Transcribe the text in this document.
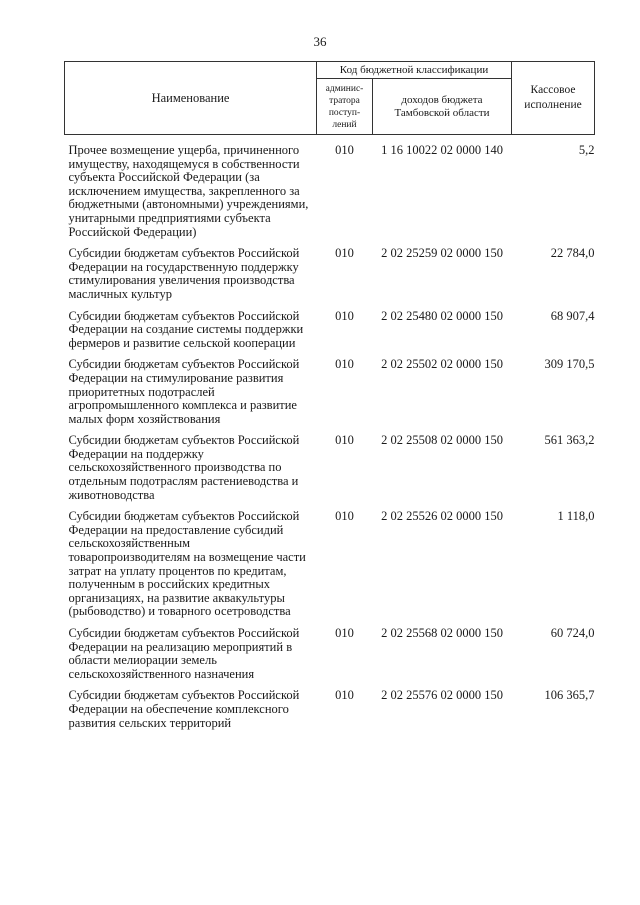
36
Наименование	Код бюджетной классификации		Кассовое исполнение
	админис-тратора поступ-лений	доходов бюджета Тамбовской области	
Прочее возмещение ущерба, причиненного имуществу, находящемуся в собственности субъекта Российской Федерации (за исключением имущества, закрепленного за бюджетными (автономными) учреждениями, унитарными предприятиями субъекта Российской Федерации)	010	1 16 10022 02 0000 140	5,2
Субсидии бюджетам субъектов Российской Федерации на государственную поддержку стимулирования увеличения производства масличных культур	010	2 02 25259 02 0000 150	22 784,0
Субсидии бюджетам субъектов Российской Федерации на создание системы поддержки фермеров и развитие сельской кооперации	010	2 02 25480 02 0000 150	68 907,4
Субсидии бюджетам субъектов Российской Федерации на стимулирование развития приоритетных подотраслей агропромышленного комплекса и развитие малых форм хозяйствования	010	2 02 25502 02 0000 150	309 170,5
Субсидии бюджетам субъектов Российской Федерации на поддержку сельскохозяйственного производства по отдельным подотраслям растениеводства и животноводства	010	2 02 25508 02 0000 150	561 363,2
Субсидии бюджетам субъектов Российской Федерации на предоставление субсидий сельскохозяйственным товаропроизводителям на возмещение части затрат на уплату процентов по кредитам, полученным в российских кредитных организациях, на развитие аквакультуры (рыбоводство) и товарного осетроводства	010	2 02 25526 02 0000 150	1 118,0
Субсидии бюджетам субъектов Российской Федерации на реализацию мероприятий в области мелиорации земель сельскохозяйственного назначения	010	2 02 25568 02 0000 150	60 724,0
Субсидии бюджетам субъектов Российской Федерации на обеспечение комплексного развития сельских территорий	010	2 02 25576 02 0000 150	106 365,7
